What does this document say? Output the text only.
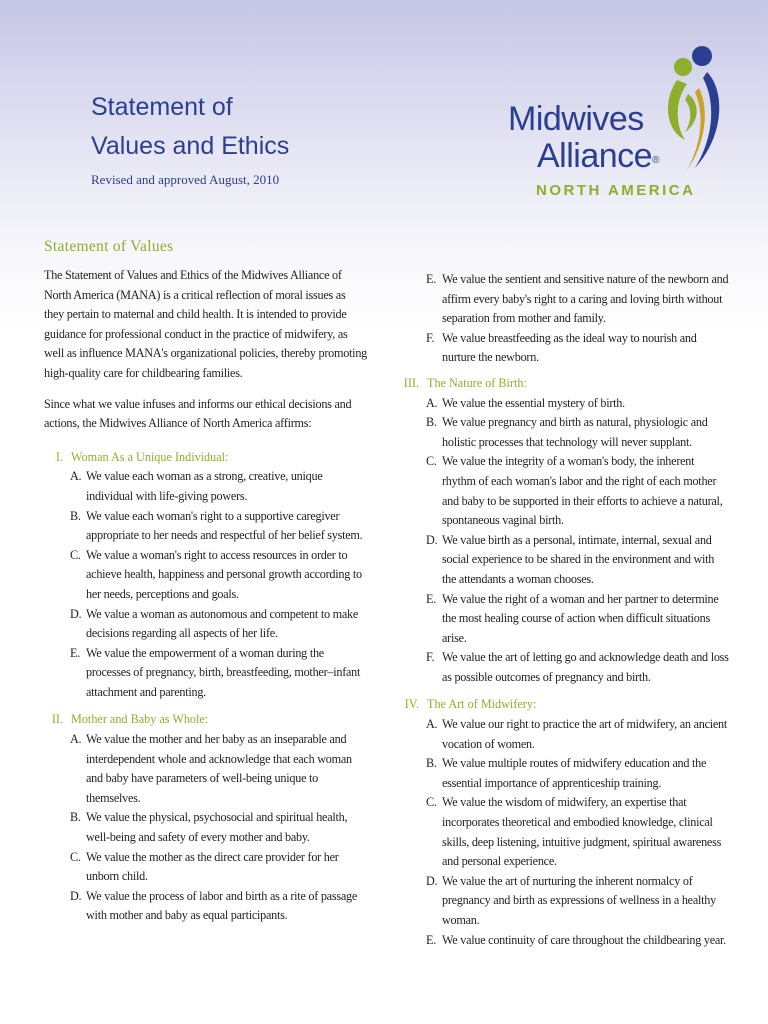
Statement of
Values and Ethics
Revised and approved August, 2010
Midwives
Alliance®
NORTH AMERICA
Statement of Values

The Statement of Values and Ethics of the Midwives Alliance of North America (MANA) is a critical reflection of moral issues as they pertain to maternal and child health. It is intended to provide guidance for professional conduct in the practice of midwifery, as well as influence MANA's organizational policies, thereby promoting high-quality care for childbearing families.

Since what we value infuses and informs our ethical decisions and actions, the Midwives Alliance of North America affirms:

I. Woman As a Unique Individual:
A. We value each woman as a strong, creative, unique individual with life-giving powers.
B. We value each woman's right to a supportive caregiver appropriate to her needs and respectful of her belief system.
C. We value a woman's right to access resources in order to achieve health, happiness and personal growth according to her needs, perceptions and goals.
D. We value a woman as autonomous and competent to make decisions regarding all aspects of her life.
E. We value the empowerment of a woman during the processes of pregnancy, birth, breastfeeding, mother–infant attachment and parenting.
II. Mother and Baby as Whole:
A. We value the mother and her baby as an inseparable and interdependent whole and acknowledge that each woman and baby have parameters of well-being unique to themselves.
B. We value the physical, psychosocial and spiritual health, well-being and safety of every mother and baby.
C. We value the mother as the direct care provider for her unborn child.
D. We value the process of labor and birth as a rite of passage with mother and baby as equal participants.
E. We value the sentient and sensitive nature of the newborn and affirm every baby's right to a caring and loving birth without separation from mother and family.
F. We value breastfeeding as the ideal way to nourish and nurture the newborn.
III. The Nature of Birth:
A. We value the essential mystery of birth.
B. We value pregnancy and birth as natural, physiologic and holistic processes that technology will never supplant.
C. We value the integrity of a woman's body, the inherent rhythm of each woman's labor and the right of each mother and baby to be supported in their efforts to achieve a natural, spontaneous vaginal birth.
D. We value birth as a personal, intimate, internal, sexual and social experience to be shared in the environment and with the attendants a woman chooses.
E. We value the right of a woman and her partner to determine the most healing course of action when difficult situations arise.
F. We value the art of letting go and acknowledge death and loss as possible outcomes of pregnancy and birth.
IV. The Art of Midwifery:
A. We value our right to practice the art of midwifery, an ancient vocation of women.
B. We value multiple routes of midwifery education and the essential importance of apprenticeship training.
C. We value the wisdom of midwifery, an expertise that incorporates theoretical and embodied knowledge, clinical skills, deep listening, intuitive judgment, spiritual awareness and personal experience.
D. We value the art of nurturing the inherent normalcy of pregnancy and birth as expressions of wellness in a healthy woman.
E. We value continuity of care throughout the childbearing year.
